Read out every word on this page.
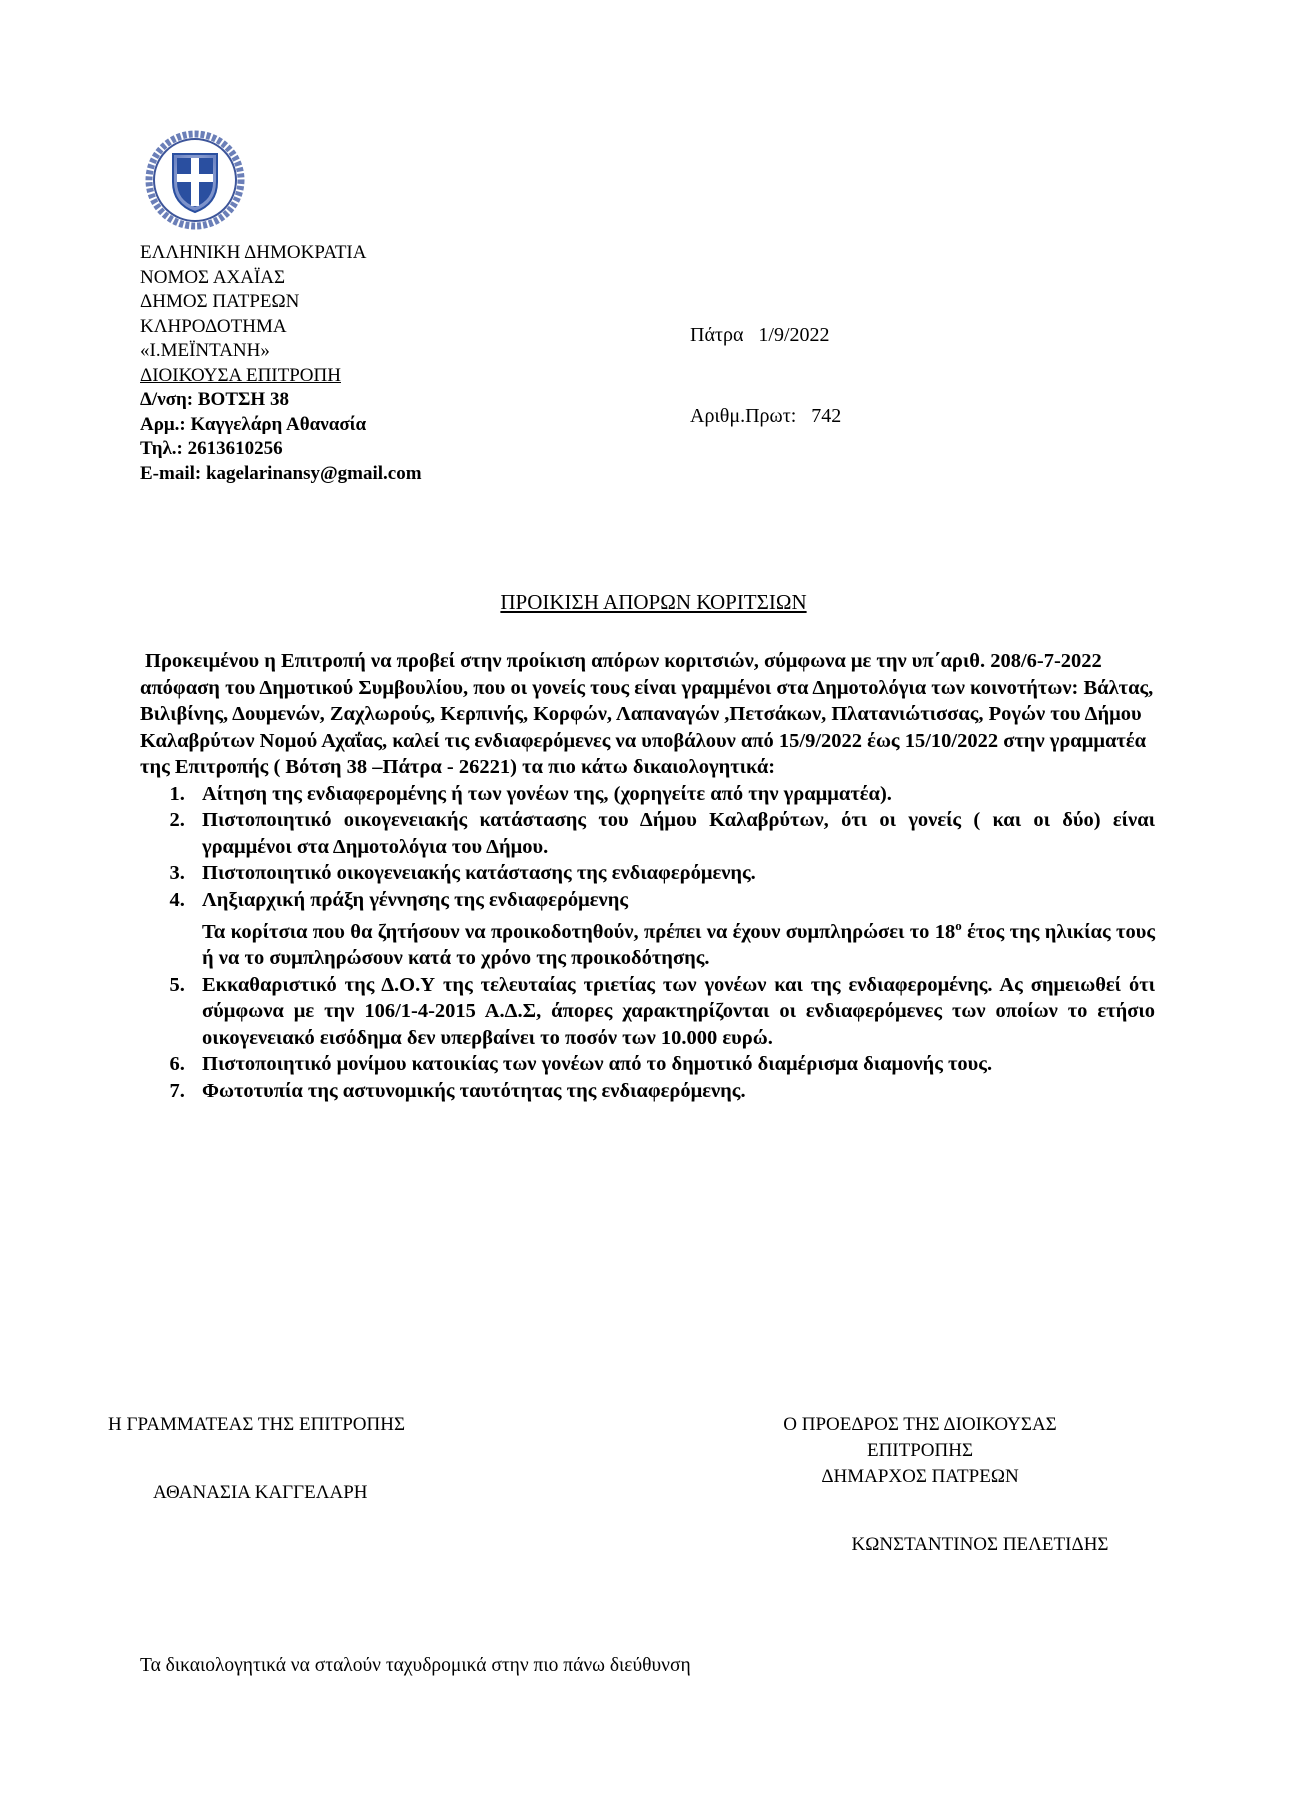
ΕΛΛΗΝΙΚΗ ΔΗΜΟΚΡΑΤΙΑ
ΝΟΜΟΣ ΑΧΑΪΑΣ
ΔΗΜΟΣ ΠΑΤΡΕΩΝ
ΚΛΗΡΟΔΟΤΗΜΑ
«Ι.ΜΕΪΝΤΑΝΗ»
ΔΙΟΙΚΟΥΣΑ ΕΠΙΤΡΟΠΗ
Δ/νση: ΒΟΤΣΗ 38
Αρμ.: Καγγελάρη Αθανασία
Τηλ.: 2613610256
E-mail: kagelarinansy@gmail.com

Πάτρα   1/9/2022

Αριθμ.Πρωτ:   742

ΠΡΟΙΚΙΣΗ ΑΠΟΡΩΝ ΚΟΡΙΤΣΙΩΝ

Προκειμένου η Επιτροπή να προβεί στην προίκιση απόρων κοριτσιών, σύμφωνα με την υπ΄αριθ. 208/6-7-2022 απόφαση του Δημοτικού Συμβουλίου, που οι γονείς τους είναι γραμμένοι στα Δημοτολόγια των κοινοτήτων: Βάλτας, Βιλιβίνης, Δουμενών, Ζαχλωρούς, Κερπινής, Κορφών, Λαπαναγών ,Πετσάκων, Πλατανιώτισσας, Ρογών του Δήμου Καλαβρύτων Νομού Αχαΐας, καλεί τις ενδιαφερόμενες να υποβάλουν από 15/9/2022 έως 15/10/2022 στην γραμματέα της Επιτροπής ( Βότση 38 –Πάτρα - 26221) τα πιο κάτω δικαιολογητικά:

1. Αίτηση της ενδιαφερομένης ή των γονέων της, (χορηγείτε από την γραμματέα).
2. Πιστοποιητικό οικογενειακής κατάστασης του Δήμου Καλαβρύτων, ότι οι γονείς ( και οι δύο) είναι γραμμένοι στα Δημοτολόγια του Δήμου.
3. Πιστοποιητικό οικογενειακής κατάστασης της ενδιαφερόμενης.
4. Ληξιαρχική πράξη γέννησης της ενδιαφερόμενης
Τα κορίτσια που θα ζητήσουν να προικοδοτηθούν, πρέπει να έχουν συμπληρώσει το $18^o$ έτος της ηλικίας τους ή να το συμπληρώσουν κατά το χρόνο της προικοδότησης.
5. Εκκαθαριστικό της Δ.Ο.Υ της τελευταίας τριετίας των γονέων και της ενδιαφερομένης. Ας σημειωθεί ότι σύμφωνα με την 106/1-4-2015 Α.Δ.Σ, άπορες χαρακτηρίζονται οι ενδιαφερόμενες των οποίων το ετήσιο οικογενειακό εισόδημα δεν υπερβαίνει το ποσόν των 10.000 ευρώ.
6. Πιστοποιητικό μονίμου κατοικίας των γονέων από το δημοτικό διαμέρισμα διαμονής τους.
7. Φωτοτυπία της αστυνομικής ταυτότητας της ενδιαφερόμενης.
Η ΓΡΑΜΜΑΤΕΑΣ ΤΗΣ ΕΠΙΤΡΟΠΗΣ
ΑΘΑΝΑΣΙΑ ΚΑΓΓΕΛΑΡΗ
Ο ΠΡΟΕΔΡΟΣ ΤΗΣ ΔΙΟΙΚΟΥΣΑΣ
ΕΠΙΤΡΟΠΗΣ
ΔΗΜΑΡΧΟΣ ΠΑΤΡΕΩΝ
ΚΩΝΣΤΑΝΤΙΝΟΣ ΠΕΛΕΤΙΔΗΣ
Τα δικαιολογητικά να σταλούν ταχυδρομικά στην πιο πάνω διεύθυνση
